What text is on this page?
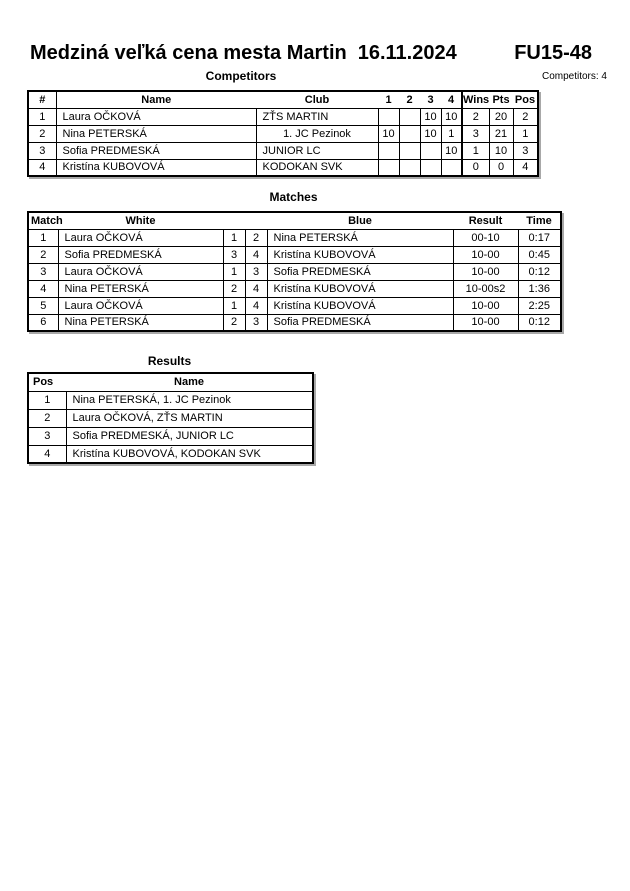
Medziná veľká cena mesta Martin 16.11.2024	FU15-48
Competitors	Competitors: 4
#	Name	Club	1	2	3	4	Wins	Pts	Pos
1	Laura OČKOVÁ	ZŤS MARTIN			10	10	2	20	2
2	Nina PETERSKÁ	1. JC Pezinok	10		10	1	3	21	1
3	Sofia PREDMESKÁ	JUNIOR LC				10	1	10	3
4	Kristína KUBOVOVÁ	KODOKAN SVK					0	0	4
Matches
Match	White			Blue	Result	Time
1	Laura OČKOVÁ	1	2	Nina PETERSKÁ	00-10	0:17
2	Sofia PREDMESKÁ	3	4	Kristína KUBOVOVÁ	10-00	0:45
3	Laura OČKOVÁ	1	3	Sofia PREDMESKÁ	10-00	0:12
4	Nina PETERSKÁ	2	4	Kristína KUBOVOVÁ	10-00s2	1:36
5	Laura OČKOVÁ	1	4	Kristína KUBOVOVÁ	10-00	2:25
6	Nina PETERSKÁ	2	3	Sofia PREDMESKÁ	10-00	0:12
Results
Pos	Name
1	Nina PETERSKÁ, 1. JC Pezinok
2	Laura OČKOVÁ, ZŤS MARTIN
3	Sofia PREDMESKÁ, JUNIOR LC
4	Kristína KUBOVOVÁ, KODOKAN SVK
